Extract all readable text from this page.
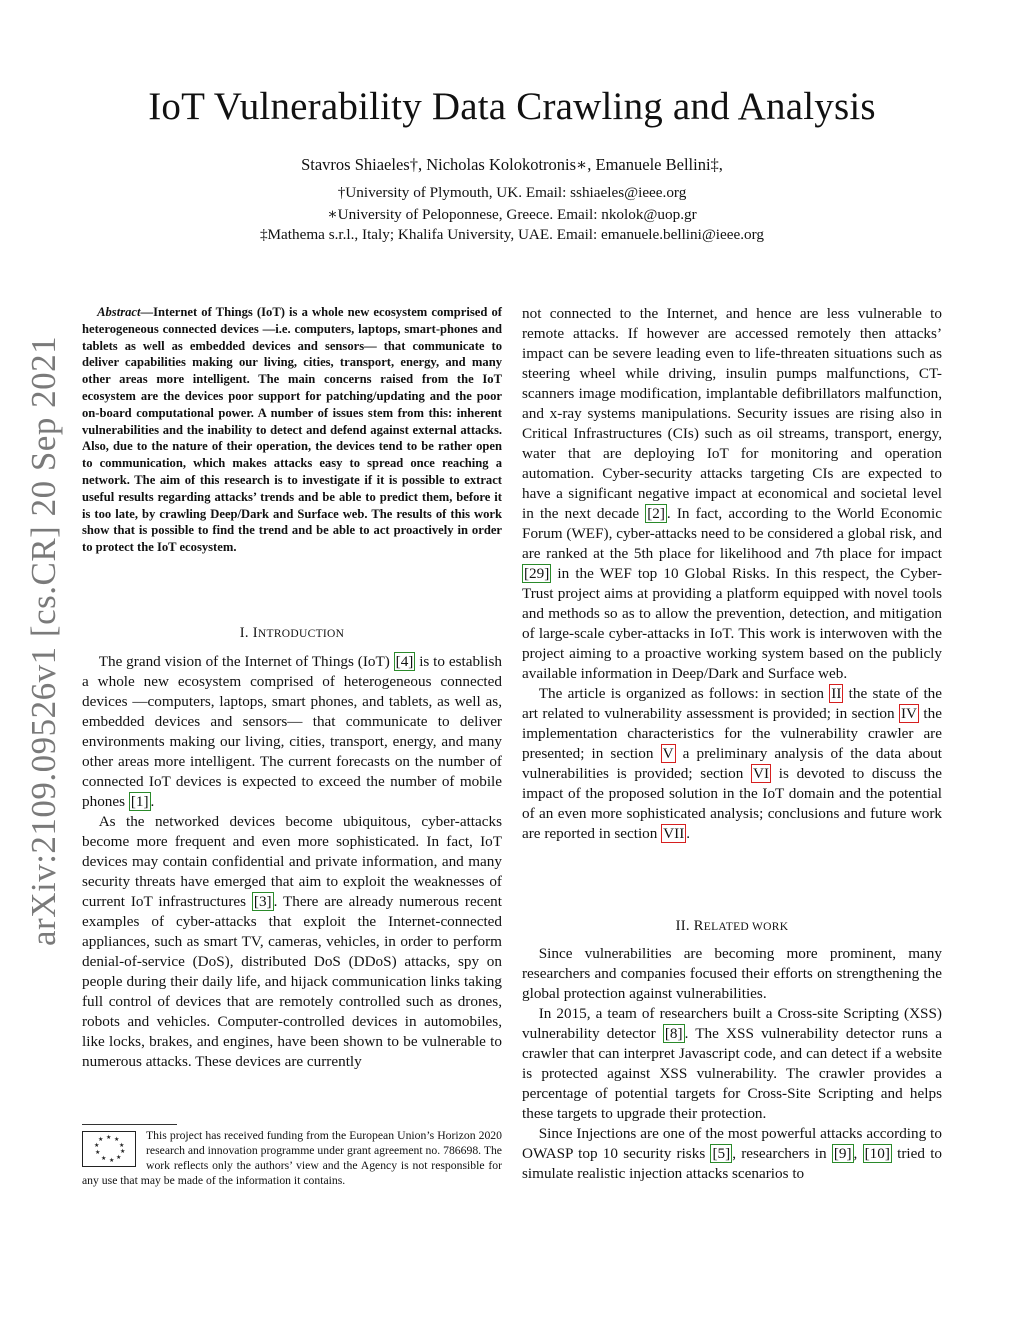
arXiv:2109.09526v1 [cs.CR] 20 Sep 2021
IoT Vulnerability Data Crawling and Analysis
Stavros Shiaeles†, Nicholas Kolokotronis∗, Emanuele Bellini‡,
†University of Plymouth, UK. Email: sshiaeles@ieee.org
∗University of Peloponnese, Greece. Email: nkolok@uop.gr
‡Mathema s.r.l., Italy; Khalifa University, UAE. Email: emanuele.bellini@ieee.org

Abstract—Internet of Things (IoT) is a whole new ecosystem comprised of heterogeneous connected devices —i.e. computers, laptops, smart-phones and tablets as well as embedded devices and sensors— that communicate to deliver capabilities making our living, cities, transport, energy, and many other areas more intelligent. The main concerns raised from the IoT ecosystem are the devices poor support for patching/updating and the poor on-board computational power. A number of issues stem from this: inherent vulnerabilities and the inability to detect and defend against external attacks. Also, due to the nature of their operation, the devices tend to be rather open to communication, which makes attacks easy to spread once reaching a network. The aim of this research is to investigate if it is possible to extract useful results regarding attacks’ trends and be able to predict them, before it is too late, by crawling Deep/Dark and Surface web. The results of this work show that is possible to find the trend and be able to act proactively in order to protect the IoT ecosystem.

I. INTRODUCTION

The grand vision of the Internet of Things (IoT) [4] is to establish a whole new ecosystem comprised of heterogeneous connected devices —computers, laptops, smart phones, and tablets, as well as, embedded devices and sensors— that communicate to deliver environments making our living, cities, transport, energy, and many other areas more intelligent. The current forecasts on the number of connected IoT devices is expected to exceed the number of mobile phones [1] .

As the networked devices become ubiquitous, cyber-attacks become more frequent and even more sophisticated. In fact, IoT devices may contain confidential and private information, and many security threats have emerged that aim to exploit the weaknesses of current IoT infrastructures [3] . There are already numerous recent examples of cyber-attacks that exploit the Internet-connected appliances, such as smart TV, cameras, vehicles, in order to perform denial-of-service (DoS), distributed DoS (DDoS) attacks, spy on people during their daily life, and hijack communication links taking full control of devices that are remotely controlled such as drones, robots and vehicles. Computer-controlled devices in automobiles, like locks, brakes, and engines, have been shown to be vulnerable to numerous attacks. These devices are currently

★ ★
★
★
★
★
★
★
★
★	This project has received funding from the European Union’s Horizon 2020 research and innovation programme under grant agreement no. 786698. The work reflects only the authors’ view and the Agency is not responsible for any use that may be made of the information it contains.

not connected to the Internet, and hence are less vulnerable to remote attacks. If however are accessed remotely then attacks’ impact can be severe leading even to life-threaten situations such as steering wheel while driving, insulin pumps malfunctions, CT-scanners image modification, implantable defibrillators malfunction, and x-ray systems manipulations. Security issues are rising also in Critical Infrastructures (CIs) such as oil streams, transport, energy, water that are deploying IoT for monitoring and operation automation. Cyber-security attacks targeting CIs are expected to have a significant negative impact at economical and societal level in the next decade [2] . In fact, according to the World Economic Forum (WEF), cyber-attacks need to be considered a global risk, and are ranked at the 5th place for likelihood and 7th place for impact [29] in the WEF top 10 Global Risks. In this respect, the Cyber-Trust project aims at providing a platform equipped with novel tools and methods so as to allow the prevention, detection, and mitigation of large-scale cyber-attacks in IoT. This work is interwoven with the project aiming to a proactive working system based on the publicly available information in Deep/Dark and Surface web.

The article is organized as follows: in section II the state of the art related to vulnerability assessment is provided; in section IV the implementation characteristics for the vulnerability crawler are presented; in section V a preliminary analysis of the data about vulnerabilities is provided; section VI is devoted to discuss the impact of the proposed solution in the IoT domain and the potential of an even more sophisticated analysis; conclusions and future work are reported in section VII .

II. RELATED WORK

Since vulnerabilities are becoming more prominent, many researchers and companies focused their efforts on strengthening the global protection against vulnerabilities.

In 2015, a team of researchers built a Cross-site Scripting (XSS) vulnerability detector [8] . The XSS vulnerability detector runs a crawler that can interpret Javascript code, and can detect if a website is protected against XSS vulnerability. The crawler provides a percentage of potential targets for Cross-Site Scripting and helps these targets to upgrade their protection.

Since Injections are one of the most powerful attacks according to OWASP top 10 security risks [5] , researchers in [9] , [10] tried to simulate realistic injection attacks scenarios to
